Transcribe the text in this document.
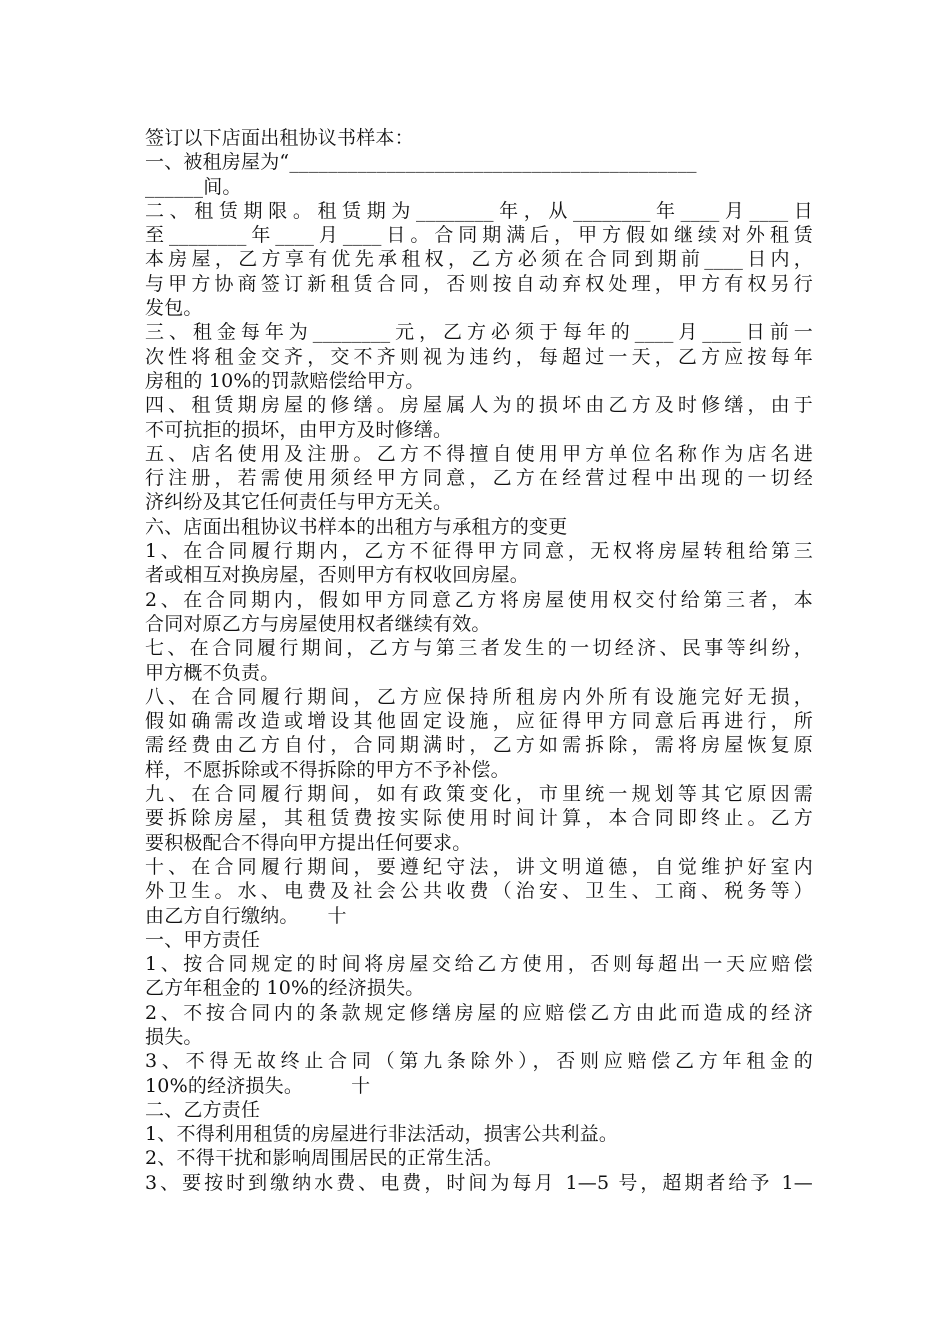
签订以下店面出租协议书样本：
一、被租房屋为“__________________________________________
______间。
二、租赁期限。租赁期为________年，从________年____月____日
至________年____月____日。合同期满后，甲方假如继续对外租赁
本房屋，乙方享有优先承租权，乙方必须在合同到期前____日内，
与甲方协商签订新租赁合同，否则按自动弃权处理，甲方有权另行
发包。
三、租金每年为________元，乙方必须于每年的____月____日前一
次性将租金交齐，交不齐则视为违约，每超过一天，乙方应按每年
房租的 10%的罚款赔偿给甲方。
四、租赁期房屋的修缮。房屋属人为的损坏由乙方及时修缮，由于
不可抗拒的损坏，由甲方及时修缮。
五、店名使用及注册。乙方不得擅自使用甲方单位名称作为店名进
行注册，若需使用须经甲方同意，乙方在经营过程中出现的一切经
济纠纷及其它任何责任与甲方无关。
六、店面出租协议书样本的出租方与承租方的变更
1、在合同履行期内，乙方不征得甲方同意，无权将房屋转租给第三
者或相互对换房屋，否则甲方有权收回房屋。
2、在合同期内，假如甲方同意乙方将房屋使用权交付给第三者，本
合同对原乙方与房屋使用权者继续有效。
七、在合同履行期间，乙方与第三者发生的一切经济、民事等纠纷，
甲方概不负责。
八、在合同履行期间，乙方应保持所租房内外所有设施完好无损，
假如确需改造或增设其他固定设施，应征得甲方同意后再进行，所
需经费由乙方自付，合同期满时，乙方如需拆除，需将房屋恢复原
样，不愿拆除或不得拆除的甲方不予补偿。
九、在合同履行期间，如有政策变化，市里统一规划等其它原因需
要拆除房屋，其租赁费按实际使用时间计算，本合同即终止。乙方
要积极配合不得向甲方提出任何要求。
十、在合同履行期间，要遵纪守法，讲文明道德，自觉维护好室内
外卫生。水、电费及社会公共收费（治安、卫生、工商、税务等）
由乙方自行缴纳。　　十
一、甲方责任
1、按合同规定的时间将房屋交给乙方使用，否则每超出一天应赔偿
乙方年租金的 10%的经济损失。
2、不按合同内的条款规定修缮房屋的应赔偿乙方由此而造成的经济
损失。
3、不得无故终止合同（第九条除外），否则应赔偿乙方年租金的
10%的经济损失。　　　十
二、乙方责任
1、不得利用租赁的房屋进行非法活动，损害公共利益。
2、不得干扰和影响周围居民的正常生活。
3、要按时到缴纳水费、电费，时间为每月 1—5 号，超期者给予 1—
